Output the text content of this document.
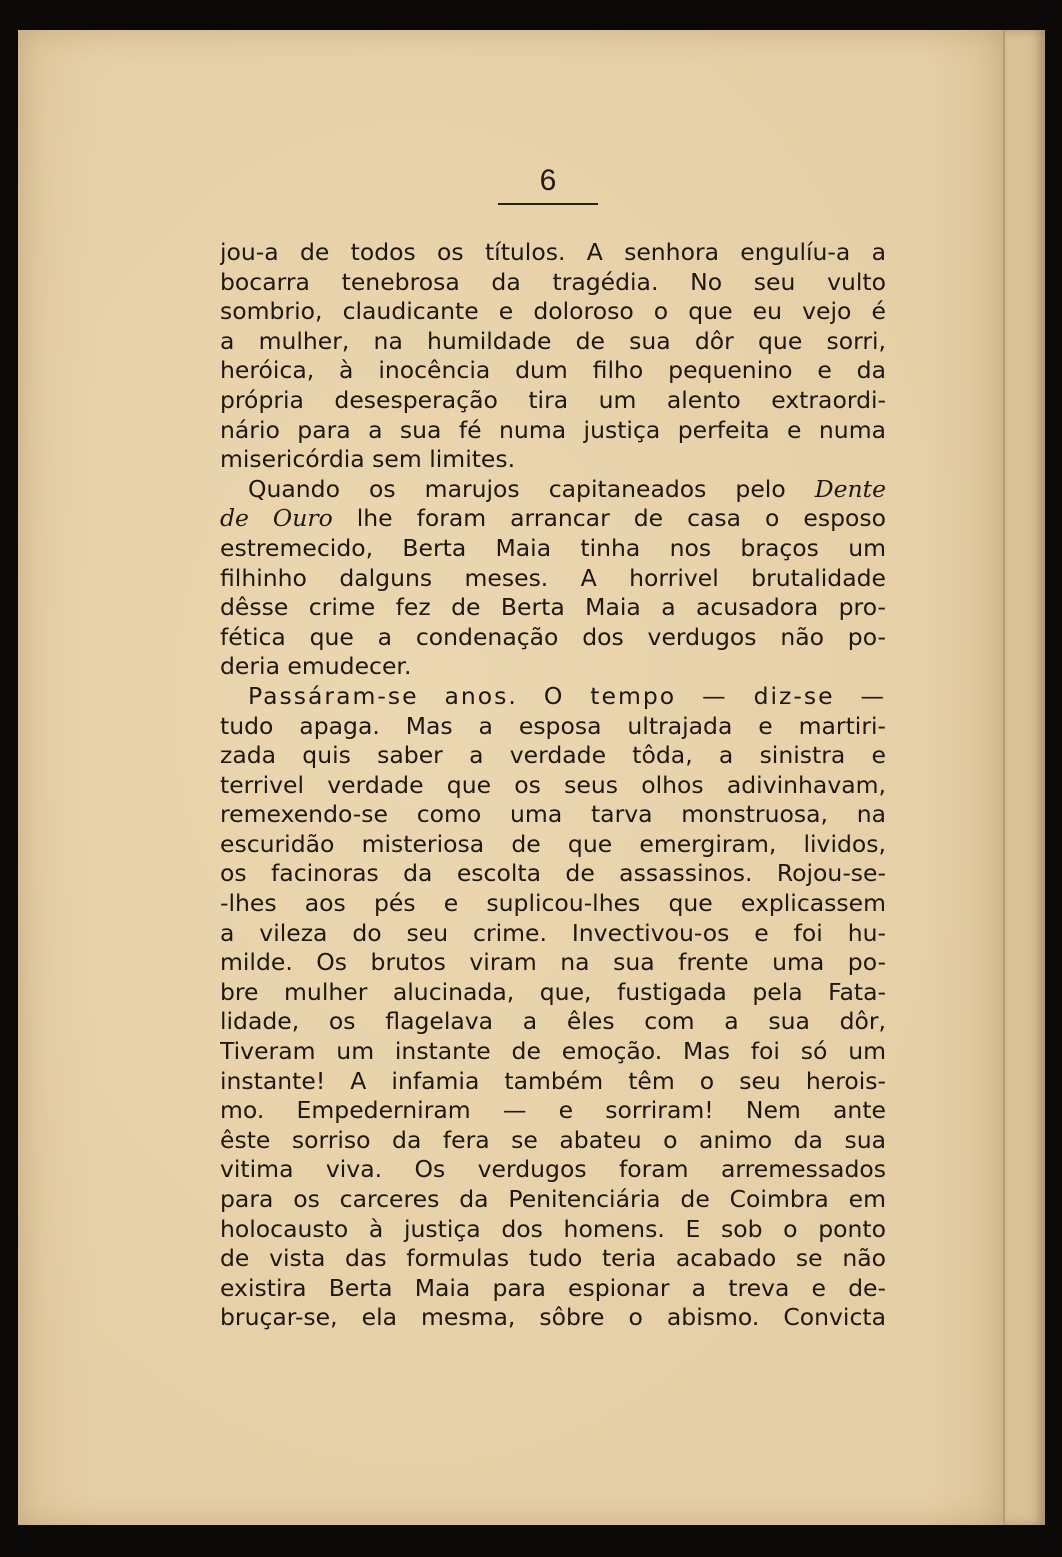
6
jou-a de todos os títulos. A senhora engulíu-a a
bocarra tenebrosa da tragédia. No seu vulto
sombrio, claudicante e doloroso o que eu vejo é
a mulher, na humildade de sua dôr que sorri,
heróica, à inocência dum filho pequenino e da
própria desesperação tira um alento extraordi-
nário para a sua fé numa justiça perfeita e numa
misericórdia sem limites.
Quando os marujos capitaneados pelo Dente
de Ouro lhe foram arrancar de casa o esposo
estremecido, Berta Maia tinha nos braços um
filhinho dalguns meses. A horrivel brutalidade
dêsse crime fez de Berta Maia a acusadora pro-
fética que a condenação dos verdugos não po-
deria emudecer.
Passáram-se anos. O tempo — diz-se —
tudo apaga. Mas a esposa ultrajada e martiri-
zada quis saber a verdade tôda, a sinistra e
terrivel verdade que os seus olhos adivinhavam,
remexendo-se como uma tarva monstruosa, na
escuridão misteriosa de que emergiram, lividos,
os facinoras da escolta de assassinos. Rojou-se-
-lhes aos pés e suplicou-lhes que explicassem
a vileza do seu crime. Invectivou-os e foi hu-
milde. Os brutos viram na sua frente uma po-
bre mulher alucinada, que, fustigada pela Fata-
lidade, os flagelava a êles com a sua dôr,
Tiveram um instante de emoção. Mas foi só um
instante! A infamia também têm o seu herois-
mo. Empederniram — e sorriram! Nem ante
êste sorriso da fera se abateu o animo da sua
vitima viva. Os verdugos foram arremessados
para os carceres da Penitenciária de Coimbra em
holocausto à justiça dos homens. E sob o ponto
de vista das formulas tudo teria acabado se não
existira Berta Maia para espionar a treva e de-
bruçar-se, ela mesma, sôbre o abismo. Convicta
